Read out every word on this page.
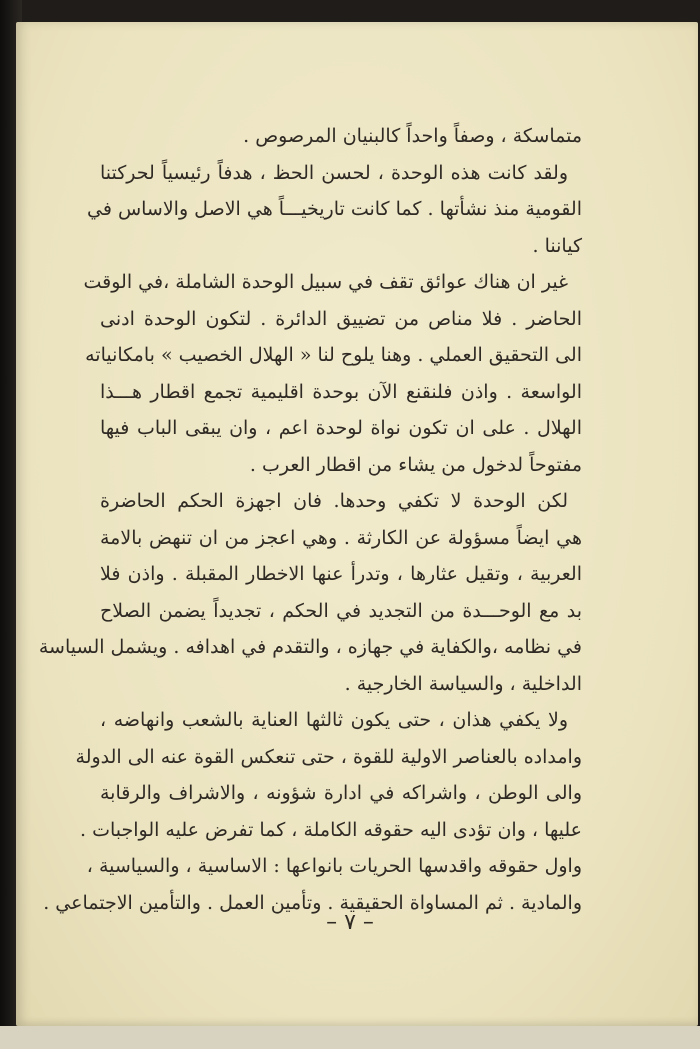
متماسكة ، وصفاً واحداً كالبنيان المرصوص .
ولقد كانت هذه الوحدة ، لحسن الحظ ، هدفاً رئيسياً لحركتنا
القومية منذ نشأتها . كما كانت تاريخيـــاً هي الاصل والاساس في
كياننا .
غير ان هناك عوائق تقف في سبيل الوحدة الشاملة ،في الوقت
الحاضر . فلا مناص من تضييق الدائرة . لتكون الوحدة ادنى
الى التحقيق العملي . وهنا يلوح لنا « الهلال الخصيب » بامكانياته
الواسعة . واذن فلنقنع الآن بوحدة اقليمية تجمع اقطار هـــذا
الهلال . على ان تكون نواة لوحدة اعم ، وان يبقى الباب فيها
مفتوحاً لدخول من يشاء من اقطار العرب .
لكن الوحدة لا تكفي وحدها. فان اجهزة الحكم الحاضرة
هي ايضاً مسؤولة عن الكارثة . وهي اعجز من ان تنهض بالامة
العربية ، وتقيل عثارها ، وتدرأ عنها الاخطار المقبلة . واذن فلا
بد مع الوحـــدة من التجديد في الحكم ، تجديداً يضمن الصلاح
في نظامه ،والكفاية في جهازه ، والتقدم في اهدافه . ويشمل السياسة
الداخلية ، والسياسة الخارجية .
ولا يكفي هذان ، حتى يكون ثالثها العناية بالشعب وانهاضه ،
وامداده بالعناصر الاولية للقوة ، حتى تنعكس القوة عنه الى الدولة
والى الوطن ، واشراكه في ادارة شؤونه ، والاشراف والرقابة
عليها ، وان تؤدى اليه حقوقه الكاملة ، كما تفرض عليه الواجبات .
واول حقوقه واقدسها الحريات بانواعها : الاساسية ، والسياسية ،
والمادية . ثم المساواة الحقيقية . وتأمين العمل . والتأمين الاجتماعي .
– ٧ –
